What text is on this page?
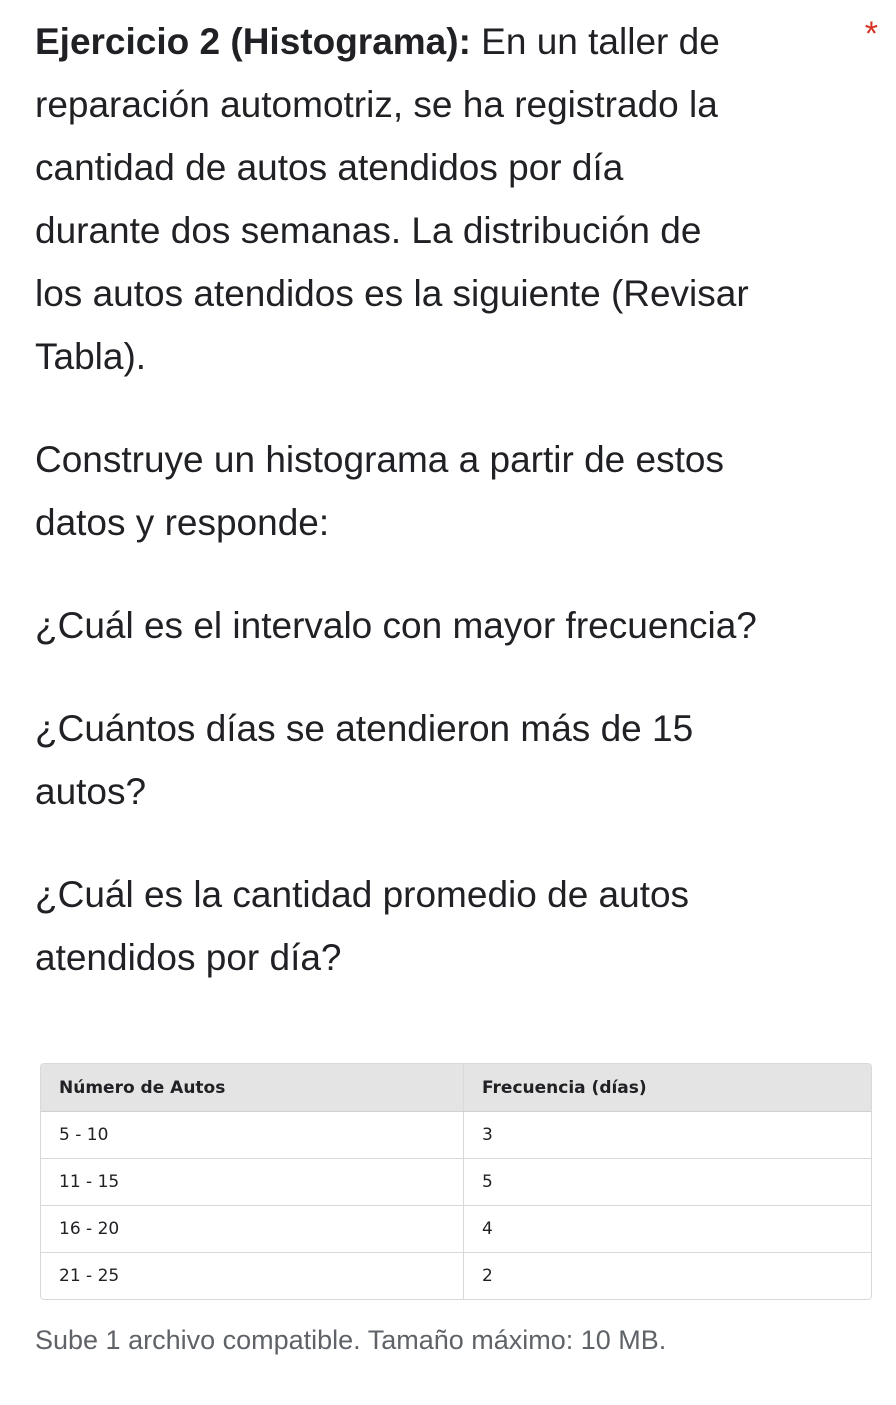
*

Ejercicio 2 (Histograma): En un taller de

reparación automotriz, se ha registrado la

cantidad de autos atendidos por día

durante dos semanas. La distribución de

los autos atendidos es la siguiente (Revisar

Tabla).

Construye un histograma a partir de estos

datos y responde:

¿Cuál es el intervalo con mayor frecuencia?

¿Cuántos días se atendieron más de 15

autos?

¿Cuál es la cantidad promedio de autos

atendidos por día?

Número de Autos	Frecuencia (días)
5 - 10	3
11 - 15	5
16 - 20	4
21 - 25	2
Sube 1 archivo compatible. Tamaño máximo: 10 MB.
